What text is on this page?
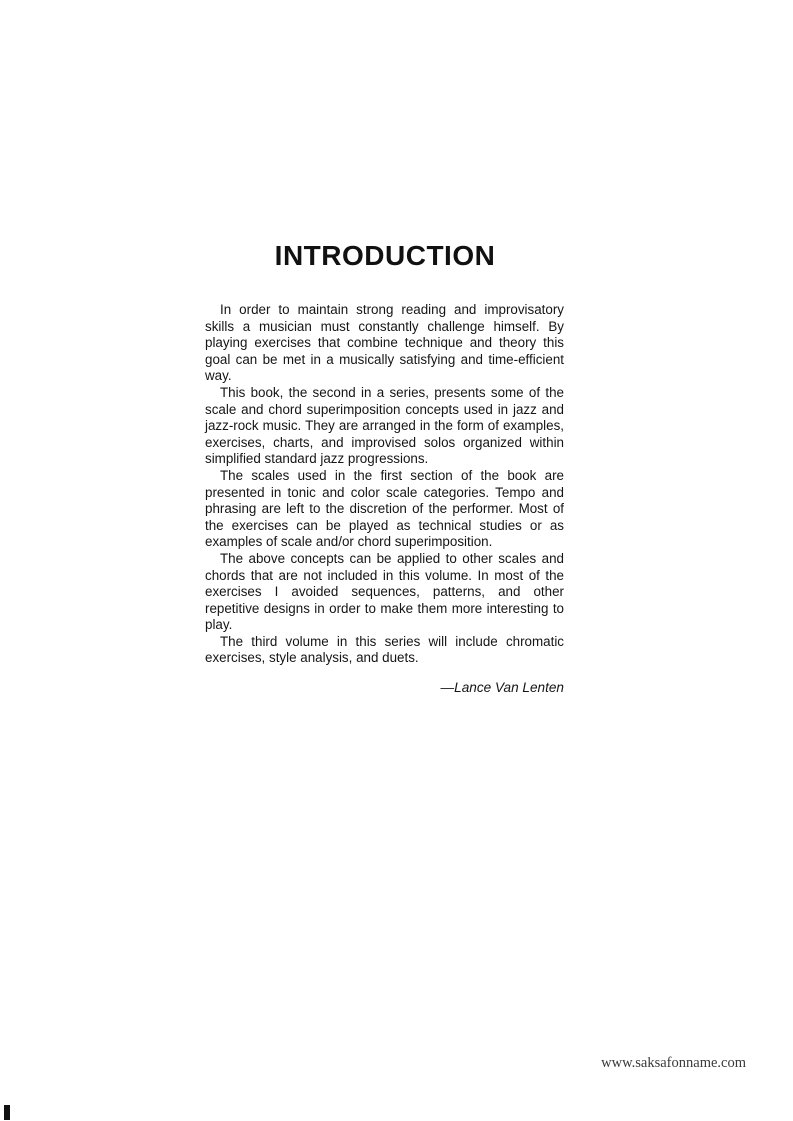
INTRODUCTION

In order to maintain strong reading and improvisatory skills a musician must constantly challenge himself. By playing exercises that combine technique and theory this goal can be met in a musically satisfying and time-efficient way.

This book, the second in a series, presents some of the scale and chord superimposition concepts used in jazz and jazz-rock music. They are arranged in the form of examples, exercises, charts, and improvised solos organized within simplified standard jazz progressions.

The scales used in the first section of the book are presented in tonic and color scale categories. Tempo and phrasing are left to the discretion of the performer. Most of the exercises can be played as technical studies or as examples of scale and/or chord superimposition.

The above concepts can be applied to other scales and chords that are not included in this volume. In most of the exercises I avoided sequences, patterns, and other repetitive designs in order to make them more interesting to play.

The third volume in this series will include chromatic exercises, style analysis, and duets.

—Lance Van Lenten
www.saksafonname.com
